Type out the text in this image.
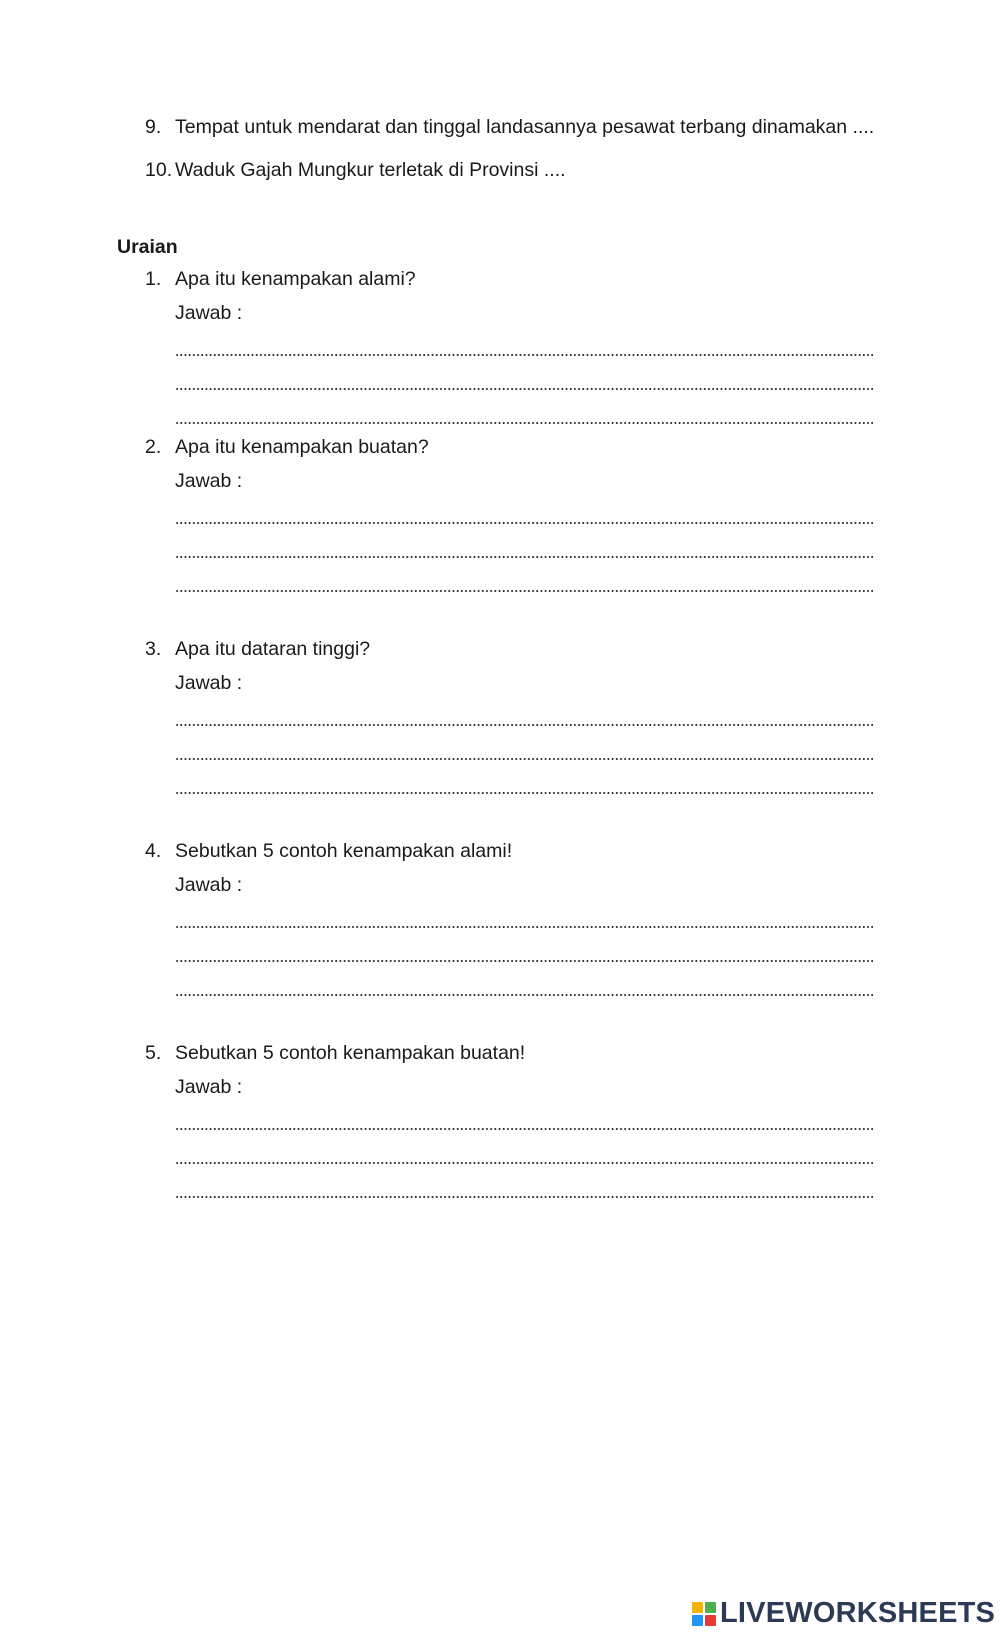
9. Tempat untuk mendarat dan tinggal landasannya pesawat terbang dinamakan ....
10. Waduk Gajah Mungkur terletak di Provinsi ....
Uraian
1. Apa itu kenampakan alami?
Jawab :
2. Apa itu kenampakan buatan?
Jawab :
3. Apa itu dataran tinggi?
Jawab :
4. Sebutkan 5 contoh kenampakan alami!
Jawab :
5. Sebutkan 5 contoh kenampakan buatan!
Jawab :
LIVEWORKSHEETS
